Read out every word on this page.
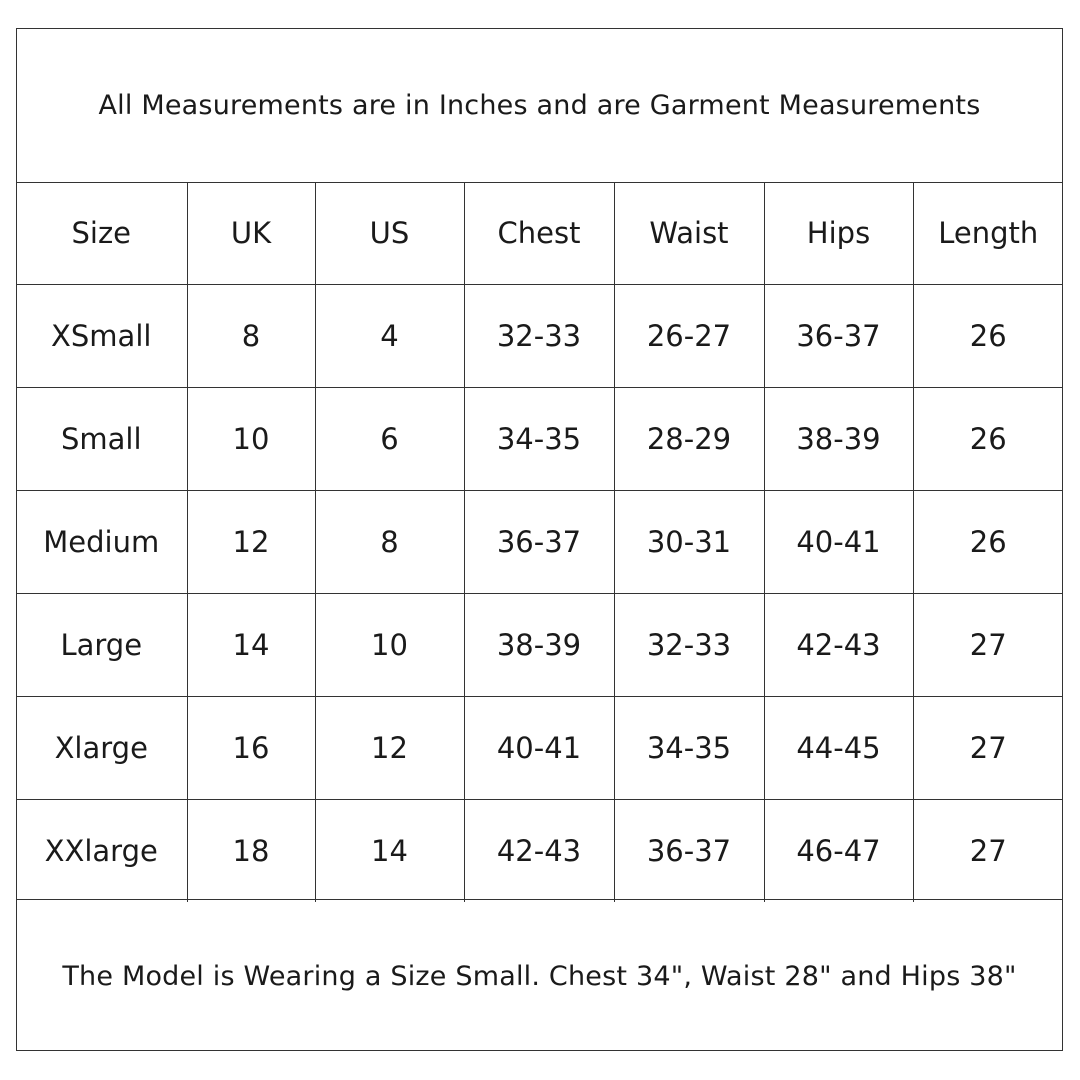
All Measurements are in Inches and are Garment Measurements
Size	UK	US	Chest	Waist	Hips	Length
XSmall	8	4	32-33	26-27	36-37	26
Small	10	6	34-35	28-29	38-39	26
Medium	12	8	36-37	30-31	40-41	26
Large	14	10	38-39	32-33	42-43	27
Xlarge	16	12	40-41	34-35	44-45	27
XXlarge	18	14	42-43	36-37	46-47	27
The Model is Wearing a Size Small. Chest 34", Waist 28" and Hips 38"
